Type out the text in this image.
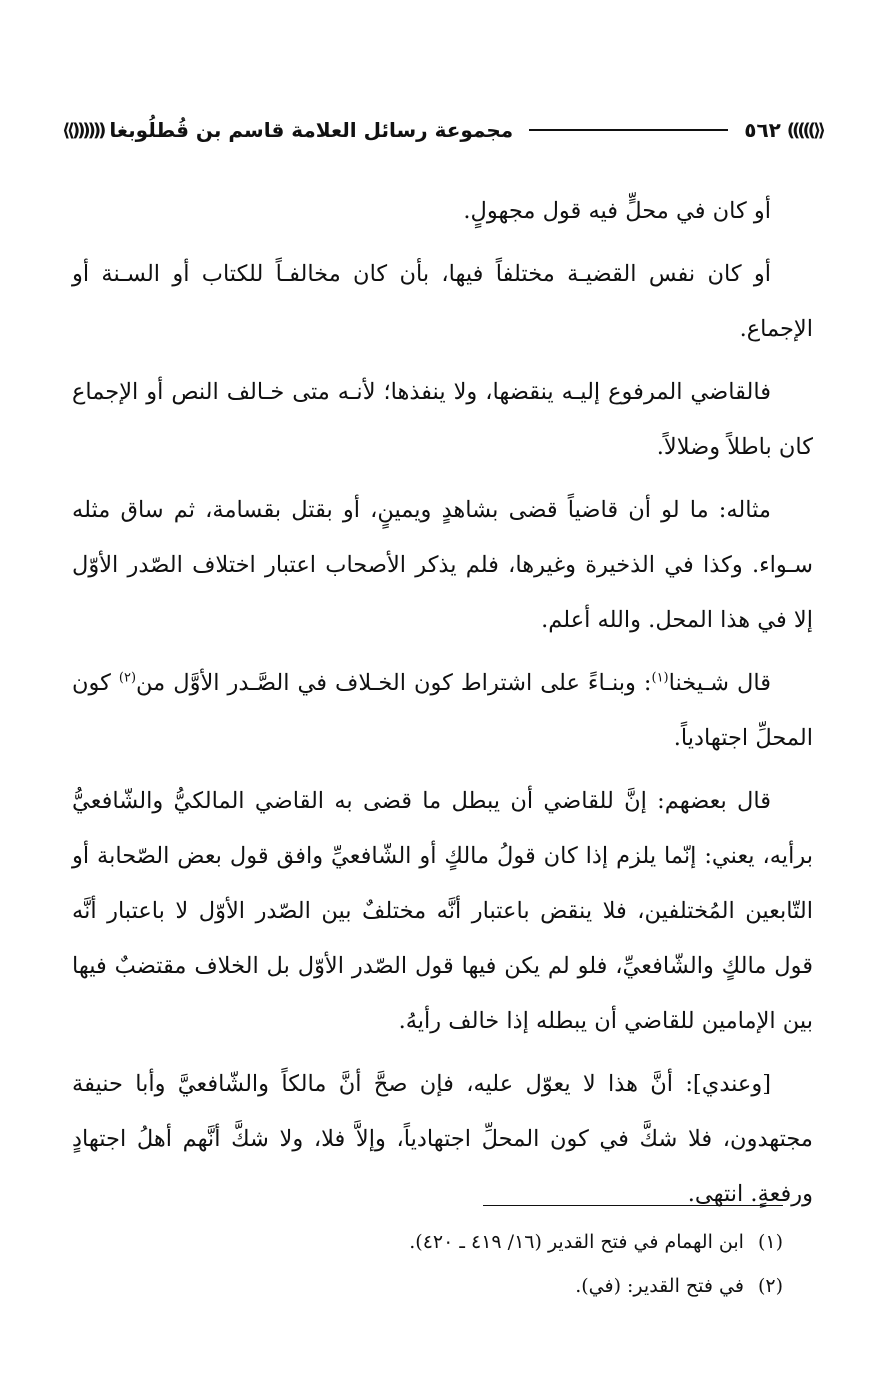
⟪)))))
٥٦٢
مجموعة رسائل العلامة قاسم بن قُطلُوبغا
((((((⟫

أو كان في محلٍّ فيه قول مجهولٍ.

أو كان نفس القضيـة مختلفاً فيها، بأن كان مخالفـاً للكتاب أو السـنة أو الإجماع.

فالقاضي المرفوع إليـه ينقضها، ولا ينفذها؛ لأنـه متى خـالف النص أو الإجماع كان باطلاً وضلالاً.

مثاله: ما لو أن قاضياً قضى بشاهدٍ ويمينٍ، أو بقتل بقسامة، ثم ساق مثله سـواء. وكذا في الذخيرة وغيرها، فلم يذكر الأصحاب اعتبار اختلاف الصّدر الأوّل إلا في هذا المحل. والله أعلم.

قال شـيخنا$^{(١)}$: وبنـاءً على اشتراط كون الخـلاف في الصَّـدر الأوَّل من$^{(٢)}$ كون المحلِّ اجتهادياً.

قال بعضهم: إنَّ للقاضي أن يبطل ما قضى به القاضي المالكيُّ والشّافعيُّ برأيه، يعني: إنّما يلزم إذا كان قولُ مالكٍ أو الشّافعيِّ وافق قول بعض الصّحابة أو التّابعين المُختلفين، فلا ينقض باعتبار أنَّه مختلفٌ بين الصّدر الأوّل لا باعتبار أنَّه قول مالكٍ والشّافعيِّ، فلو لم يكن فيها قول الصّدر الأوّل بل الخلاف مقتضبٌ فيها بين الإمامين للقاضي أن يبطله إذا خالف رأيهُ.

[وعندي]: أنَّ هذا لا يعوّل عليه، فإن صحَّ أنَّ مالكاً والشّافعيَّ وأبا حنيفة مجتهدون، فلا شكَّ في كون المحلِّ اجتهادياً، وإلاَّ فلا، ولا شكَّ أنَّهم أهلُ اجتهادٍ ورفعةٍ. انتهى.

(١)
ابن الهمام في فتح القدير (١٦/ ٤١٩ ـ ٤٢٠).
(٢)
في فتح القدير: (في).
